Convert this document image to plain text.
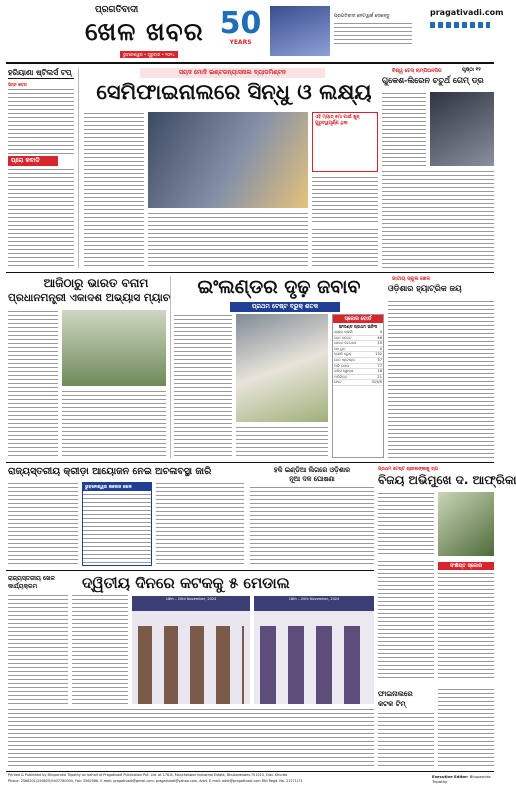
ପ୍ରଗତିବାଦୀ
ଖେଳ ଖବର
ଭୁବନେଶ୍ୱର • ଗୁରୁବାର • ୨୦୨୪
50
YEARS
ପ୍ରଗତିବାଦୀ ନେଟୱାର୍କ ଦେଖନ୍ତୁ	pragativadi.com
ପୃଷ୍ଠା ୧୨
ହରିୟାଣା ଷ୍ଟିଲର୍ସ ଟପ୍
ଭିନ୍ନ ଖବର
ପ୍ରୋ କବାଡି
ସୟଦ ମୋଦି ଇଣ୍ଟରନ୍ୟାସନାଲ ବ୍ୟାଡମିଣ୍ଟନ
ସେମିଫାଇନାଲରେ ସିନ୍ଧୁ ଓ ଲକ୍ଷ୍ୟ
ଏହି ମ୍ୟାଚ୍ ମୋ ପାଇଁ ଖୁବ୍ ଗୁରୁତ୍ୱପୂର୍ଣ୍ଣ ଥିଲା
ବିଶ୍ୱ ଚେସ୍ ଚାମ୍ପିଅନସିପ
ଗୁକେଶ-ଲିରେନ ଚତୁର୍ଥ ଗେମ୍ ଡ୍ର
ଆଜିଠାରୁ ଭାରତ ବନାମ
ପ୍ରଧାନମନ୍ତ୍ରୀ ଏକାଦଶ ଅଭ୍ୟାସ ମ୍ୟାଚ	ଇଂଲଣ୍ଡର ଦୃଢ଼ ଜବାବ
ପ୍ରଥମ ଟେଷ୍ଟ ବ୍ରୁକ୍ ଶତକ
ସ୍କୋର ବୋର୍ଡ
ଇଂଲଣ୍ଡ ପ୍ରଥମ ଇନିଂସ
ଜ୍ୟାକ୍ କ୍ରଲି	0
ବେନ ଡକେଟ	46
ଜେକବ ବେଥେଲ	10
ଜୋ ରୁଟ	0
ହ୍ୟାରି ବ୍ରୁକ୍	132
ବେନ ଷ୍ଟୋକ୍ସ	37
ଅଲି ପୋପ୍	77
କ୍ରିସ ୱୋକ୍ସ	18
ଅତିରିକ୍ତ	21
ମୋଟ	319/5
ଜାତୀୟ ସ୍କୁଲ ଖେଳ
ଓଡ଼ିଶାର ହ୍ୟାଟ୍ରିକ ଜୟ
ରାଜ୍ୟସ୍ତରୀୟ କ୍ରୀଡ଼ା ଆୟୋଜନ ନେଇ ଅଚଳାବସ୍ଥା ଜାରି
ଭୁବନେଶ୍ୱର କଲେଜ ଖେଳ
ହକି ଇଣ୍ଡିଆ ଲିଗରେ ଓଡ଼ିଶାର
ନୂଆ ଦଳ ଘୋଷଣା
ପ୍ରଥମ ଟେଷ୍ଟ ଶ୍ରୀଲଙ୍କାକୁ ଚାପ
ବିଜୟ ଅଭିମୁଖେ ଦ. ଆଫ୍ରିକା
ସଂକ୍ଷିପ୍ତ ସ୍କୋର
ରାଜ୍ୟସ୍ତରୀୟ ଖେଳ
କାର୍ଯ୍ୟକ୍ରମ	ଦ୍ୱିତୀୟ ଦିନରେ କଟକକୁ ୫ ମେଡାଲ
18th – 20th November, 2024	18th – 20th November, 2024
ଫାଇନାଲରେ
କଟକ ଟିମ୍
Printed & Published by Bhupendra Tripathy on behalf of Pragativadi Publication Pvt. Ltd. at 178-B, Mancheswar Industrial Estate, Bhubaneswar-751010, Dist. Khurda
Phone: 2568201(256825)9437780000, Fax: 2582566, E-mail: pragativadi@gmail.com, pragativadi@yahoo.com, Advt. E-mail: advt@pragativadi.com RNI Regd. No. 21271/73
Executive Editor: Bhupendra Tripathy
